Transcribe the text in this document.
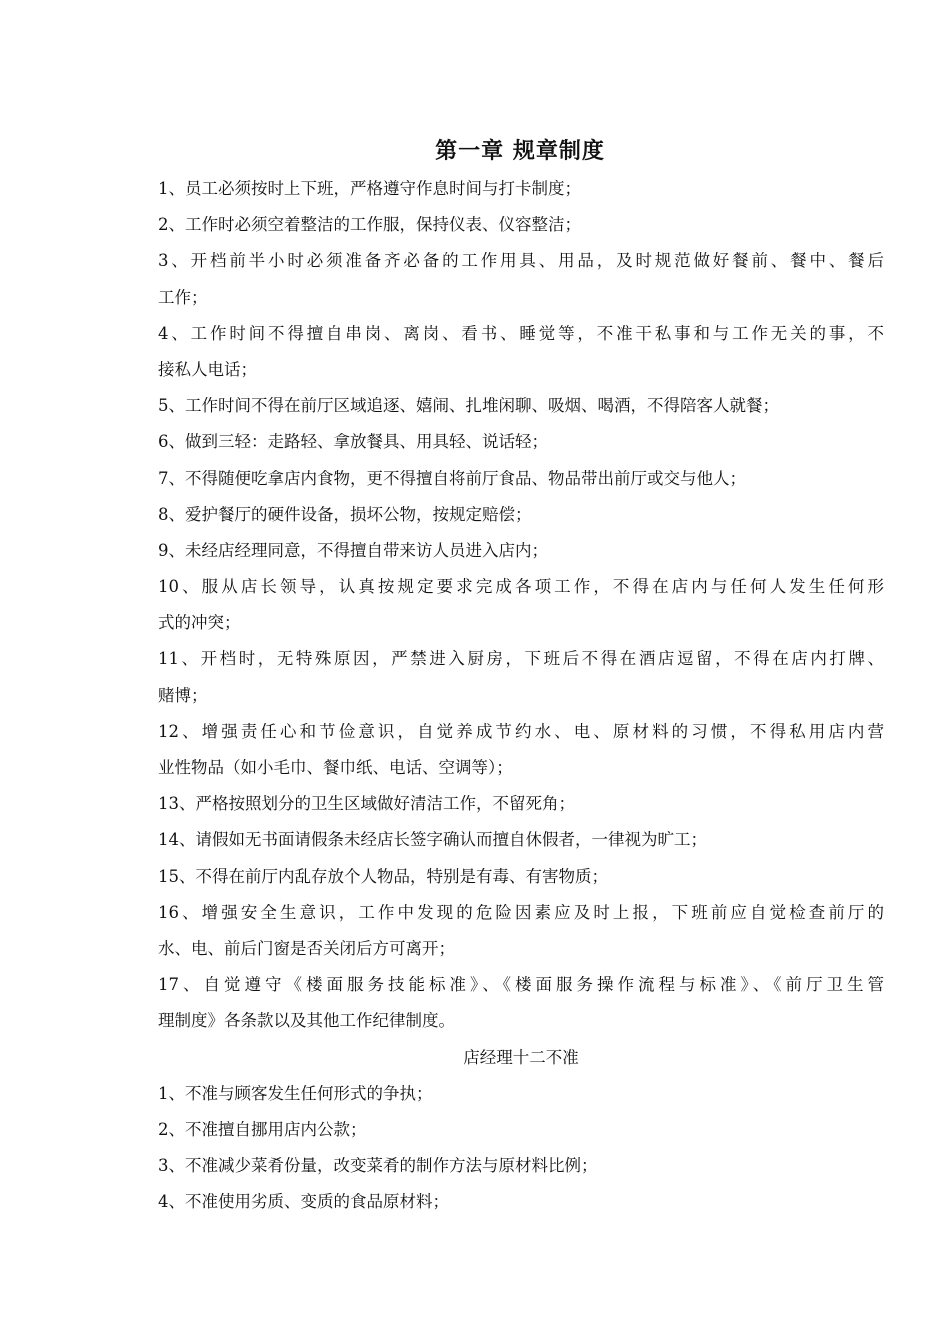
第一章 规章制度
1、员工必须按时上下班，严格遵守作息时间与打卡制度；
2、工作时必须空着整洁的工作服，保持仪表、仪容整洁；
3、开档前半小时必须准备齐必备的工作用具、用品，及时规范做好餐前、餐中、餐后
工作；
4、工作时间不得擅自串岗、离岗、看书、睡觉等，不准干私事和与工作无关的事，不
接私人电话；
5、工作时间不得在前厅区域追逐、嬉闹、扎堆闲聊、吸烟、喝酒，不得陪客人就餐；
6、做到三轻：走路轻、拿放餐具、用具轻、说话轻；
7、不得随便吃拿店内食物，更不得擅自将前厅食品、物品带出前厅或交与他人；
8、爱护餐厅的硬件设备，损坏公物，按规定赔偿；
9、未经店经理同意，不得擅自带来访人员进入店内；
10、服从店长领导，认真按规定要求完成各项工作，不得在店内与任何人发生任何形
式的冲突；
11、开档时，无特殊原因，严禁进入厨房，下班后不得在酒店逗留，不得在店内打牌、
赌博；
12、增强责任心和节俭意识，自觉养成节约水、电、原材料的习惯，不得私用店内营
业性物品（如小毛巾、餐巾纸、电话、空调等）；
13、严格按照划分的卫生区域做好清洁工作，不留死角；
14、请假如无书面请假条未经店长签字确认而擅自休假者，一律视为旷工；
15、不得在前厅内乱存放个人物品，特别是有毒、有害物质；
16、增强安全生意识，工作中发现的危险因素应及时上报，下班前应自觉检查前厅的
水、电、前后门窗是否关闭后方可离开；
17、自觉遵守《楼面服务技能标准》、《楼面服务操作流程与标准》、《前厅卫生管
理制度》各条款以及其他工作纪律制度。
店经理十二不准
1、不准与顾客发生任何形式的争执；
2、不准擅自挪用店内公款；
3、不准减少菜肴份量，改变菜肴的制作方法与原材料比例；
4、不准使用劣质、变质的食品原材料；
